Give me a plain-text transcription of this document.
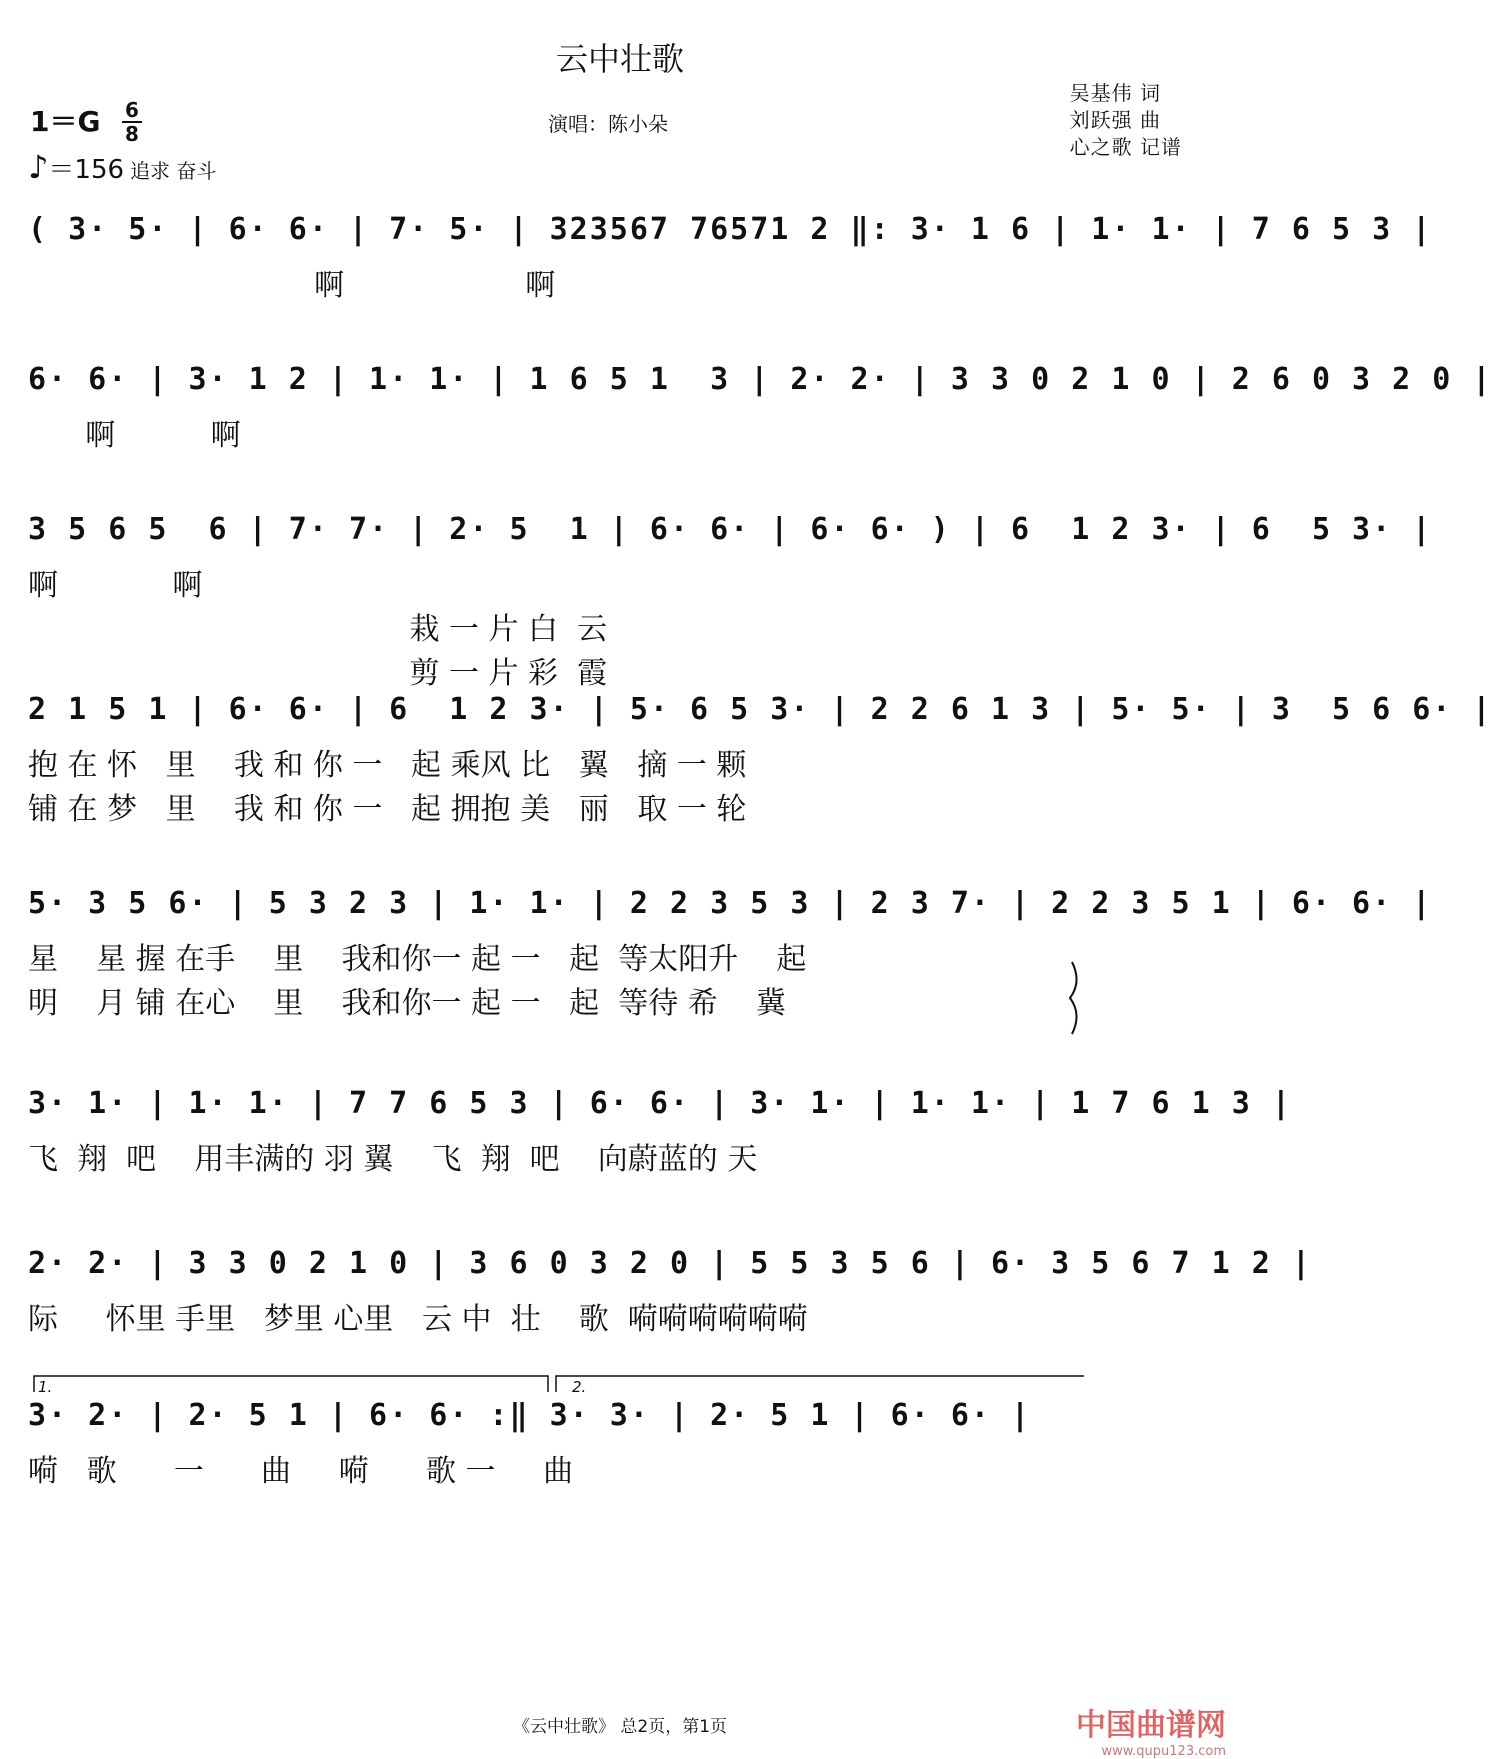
云中壮歌
吴基伟 词
刘跃强 曲
心之歌 记谱
演唱：陈小朵
1＝G 6
8
♪＝156 追求 奋斗
( 3· 5· | 6· 6· | 7· 5· | 323567 76571 2 ‖: 3· 1 6 | 1· 1· | 7 6 5 3 |
啊                   啊
6· 6· | 3· 1 2 | 1· 1· | 1 6 5 1  3 | 2· 2· | 3 3 0 2 1 0 | 2 6 0 3 2 0 |
啊          啊
3 5 6 5  6 | 7· 7· | 2· 5  1 | 6· 6· | 6· 6· ) | 6  1 2 3· | 6  5 3· |
啊            啊
栽 一 片 白  云
剪 一 片 彩  霞
2 1 5 1 | 6· 6· | 6  1 2 3· | 5· 6 5 3· | 2 2 6 1 3 | 5· 5· | 3  5 6 6· |
抱 在 怀   里    我 和 你 一   起 乘风 比   翼   摘 一 颗
铺 在 梦   里    我 和 你 一   起 拥抱 美   丽   取 一 轮
5· 3 5 6· | 5 3 2 3 | 1· 1· | 2 2 3 5 3 | 2 3 7· | 2 2 3 5 1 | 6· 6· |
星    星 握 在手    里    我和你一 起 一   起  等太阳升    起
明    月 铺 在心    里    我和你一 起 一   起  等待 希    冀
3· 1· | 1· 1· | 7 7 6 5 3 | 6· 6· | 3· 1· | 1· 1· | 1 7 6 1 3 |
飞  翔  吧    用丰满的 羽 翼    飞  翔  吧    向蔚蓝的 天
2· 2· | 3 3 0 2 1 0 | 3 6 0 3 2 0 | 5 5 3 5 6 | 6· 3 5 6 7 1 2 |
际     怀里 手里   梦里 心里   云 中  壮    歌  嗬嗬嗬嗬嗬嗬
3· 2· | 2· 5 1 | 6· 6· :‖ 3· 3· | 2· 5 1 | 6· 6· |
嗬   歌      一      曲     嗬      歌 一     曲
1.	2.
《云中壮歌》 总2页，第1页	中国曲谱网
www.qupu123.com
